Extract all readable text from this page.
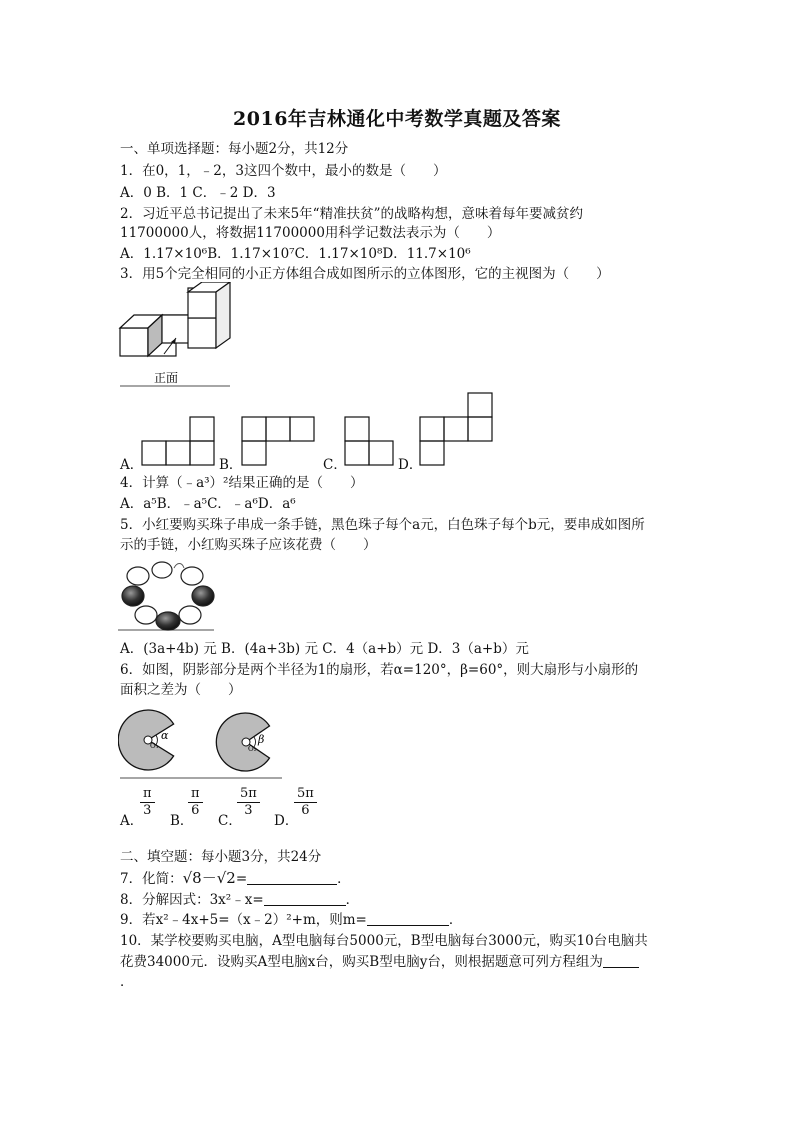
2016年吉林通化中考数学真题及答案
一、单项选择题：每小题2分，共12分
1．在0，1，﹣2，3这四个数中，最小的数是（　　）
A．0 B．1 C．﹣2 D．3
2．习近平总书记提出了未来5年“精准扶贫”的战略构想，意味着每年要减贫约
11700000人，将数据11700000用科学记数法表示为（　　）
A．1.17×10⁶B．1.17×10⁷C．1.17×10⁸D．11.7×10⁶
3．用5个完全相同的小正方体组合成如图所示的立体图形，它的主视图为（　　）
正面
A．	B．	C．	D．
4．计算（﹣a³）²结果正确的是（　　）
A．a⁵B．﹣a⁵C．﹣a⁶D．a⁶
5．小红要购买珠子串成一条手链，黑色珠子每个a元，白色珠子每个b元，要串成如图所
示的手链，小红购买珠子应该花费（　　）
A．(3a+4b) 元 B．(4a+3b) 元 C．4（a+b）元 D．3（a+b）元
6．如图，阴影部分是两个半径为1的扇形，若α=120°，β=60°，则大扇形与小扇形的
面积之差为（　　）
α	β
O₁	O₂
A．
$\frac{\pi}{3}$
B．
$\frac{\pi}{6}$
C．
$\frac{5\pi}{3}$
D．
$\frac{5\pi}{6}$
二、填空题：每小题3分，共24分
7．化简：√8－√2=	．
8．分解因式：3x²﹣x=	．
9．若x²﹣4x+5=（x﹣2）²+m，则m=	．
10．某学校要购买电脑，A型电脑每台5000元，B型电脑每台3000元，购买10台电脑共
花费34000元．设购买A型电脑x台，购买B型电脑y台，则根据题意可列方程组为
．
